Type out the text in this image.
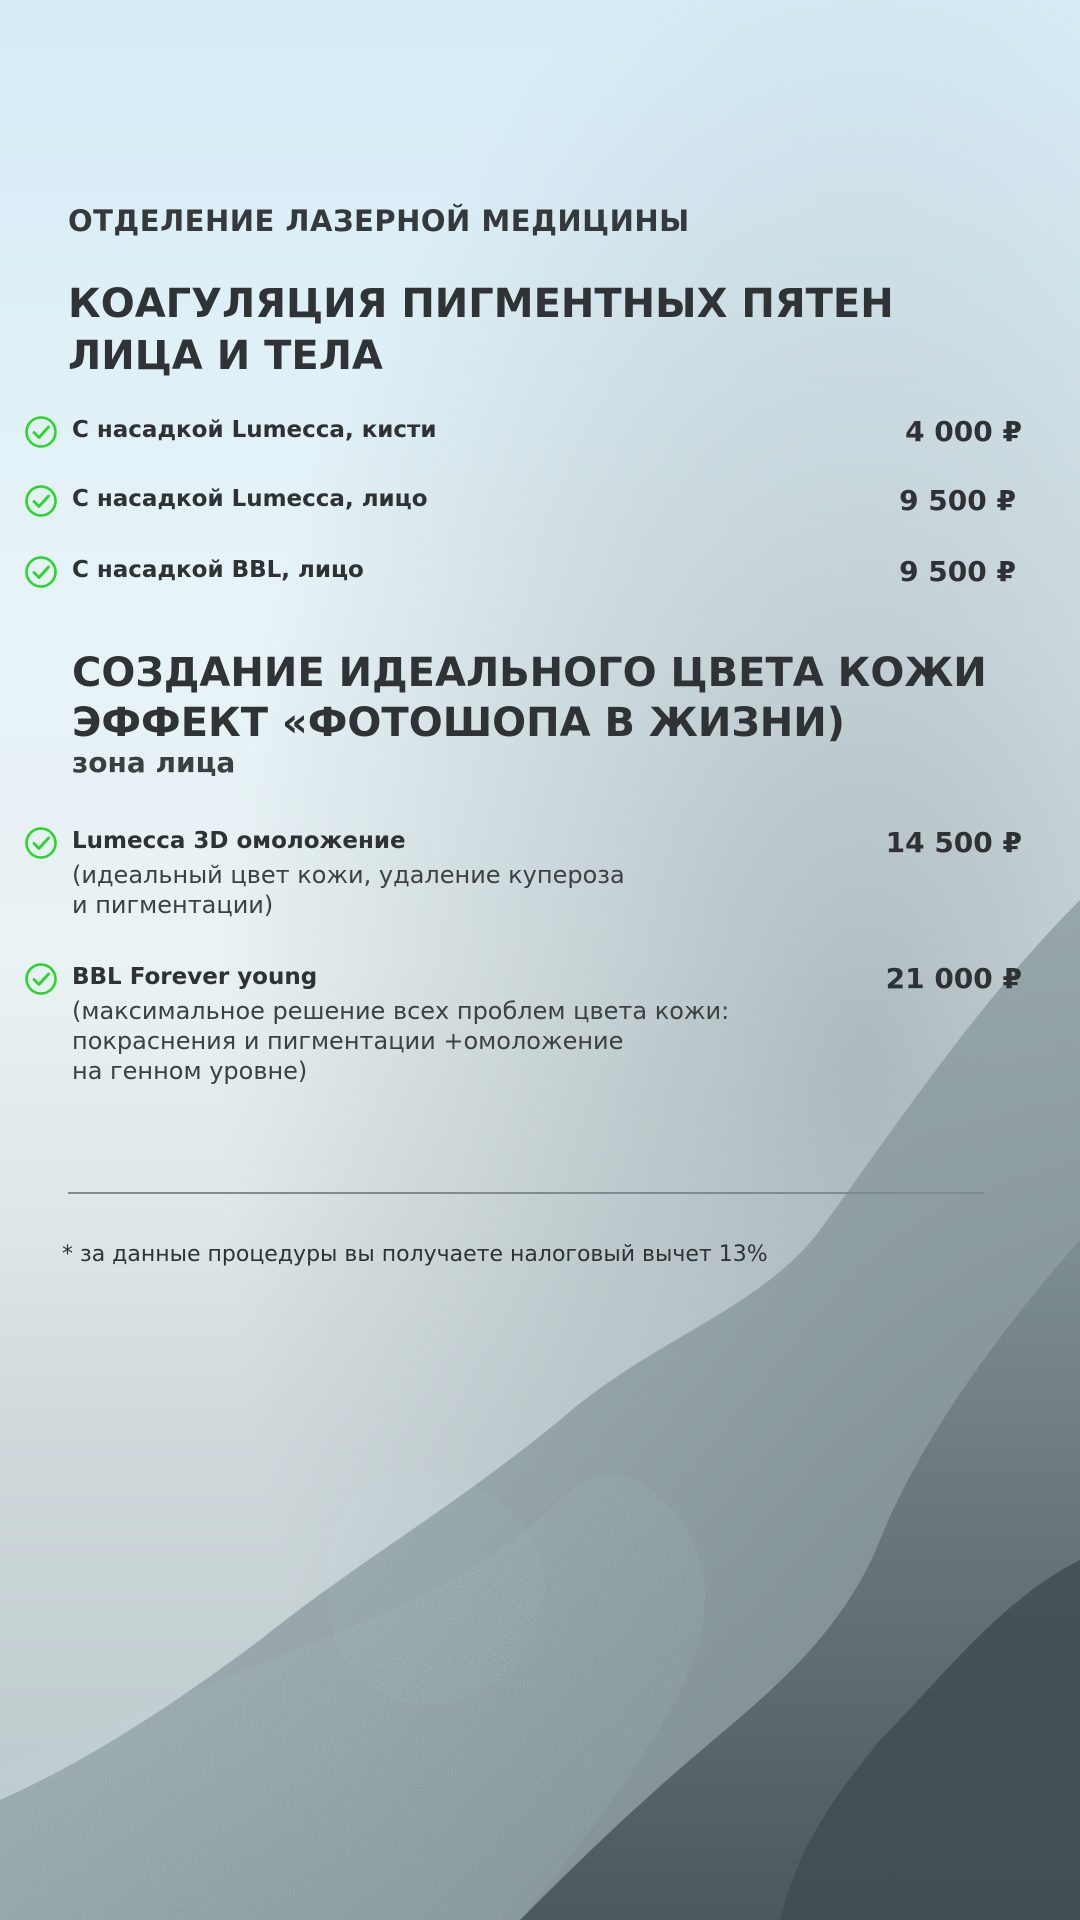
ОТДЕЛЕНИЕ ЛАЗЕРНОЙ МЕДИЦИНЫ
КОАГУЛЯЦИЯ ПИГМЕНТНЫХ ПЯТЕН ЛИЦА И ТЕЛА
С насадкой Lumecca, кисти	4 000 ₽
С насадкой Lumecca, лицо	9 500 ₽
С насадкой BBL, лицо	9 500 ₽
СОЗДАНИЕ ИДЕАЛЬНОГО ЦВЕТА КОЖИ ЭФФЕКТ «ФОТОШОПА В ЖИЗНИ)
зона лица
Lumecca 3D омоложение
(идеальный цвет кожи, удаление купероза
и пигментации)
14 500 ₽
BBL Forever young
(максимальное решение всех проблем цвета кожи:
покраснения и пигментации +омоложение
на генном уровне)
21 000 ₽
* за данные процедуры вы получаете налоговый вычет 13%
